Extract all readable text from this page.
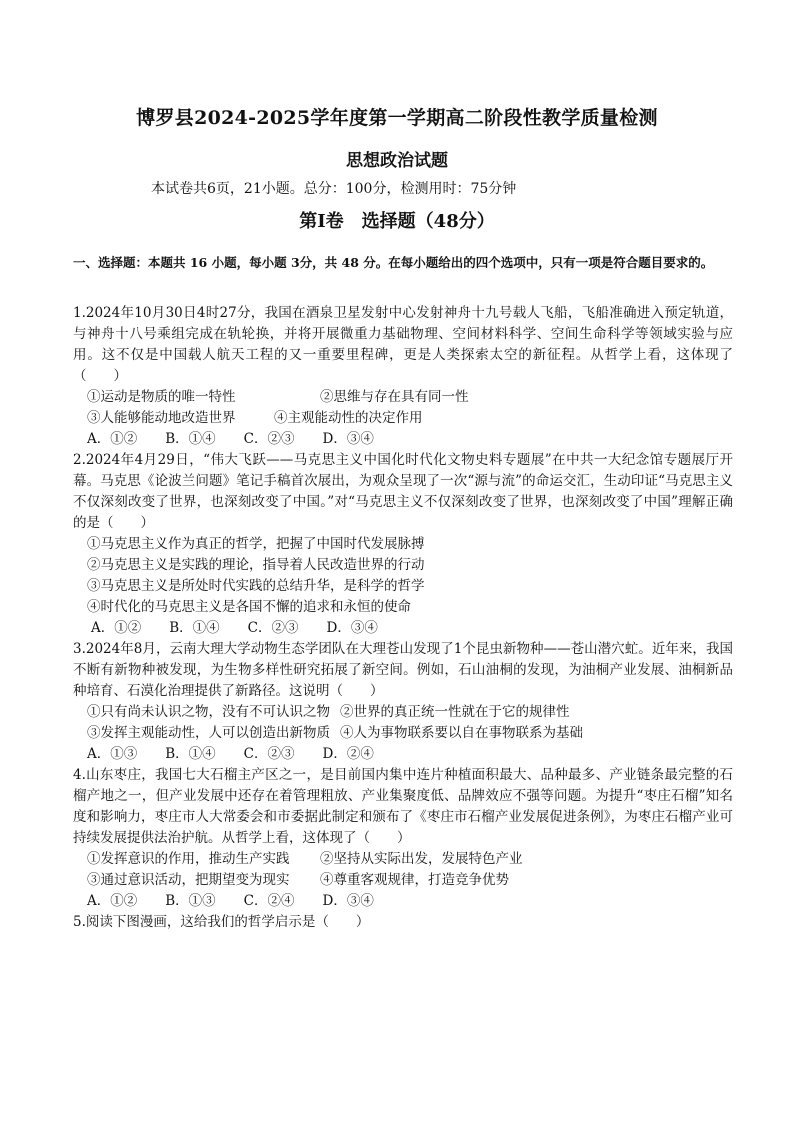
博罗县2024-2025学年度第一学期高二阶段性教学质量检测
思想政治试题
本试卷共6页，21小题。总分：100分，检测用时：75分钟
第Ⅰ卷　选择题（48分）
一、选择题：本题共 16 小题，每小题 3分，共 48 分。在每小题给出的四个选项中，只有一项是符合题目要求的。
1.2024年10月30日4时27分，我国在酒泉卫星发射中心发射神舟十九号载人飞船，飞船准确进入预定轨道，与神舟十八号乘组完成在轨轮换，并将开展微重力基础物理、空间材料科学、空间生命科学等领域实验与应用。这不仅是中国载人航天工程的又一重要里程碑，更是人类探索太空的新征程。从哲学上看，这体现了（　　）
①运动是物质的唯一特性	②思维与存在具有同一性
③人能够能动地改造世界	④主观能动性的决定作用
A．①② B．①④ C．②③ D．③④
2.2024年4月29日，“伟大飞跃——马克思主义中国化时代化文物史料专题展”在中共一大纪念馆专题展厅开幕。马克思《论波兰问题》笔记手稿首次展出，为观众呈现了一次“源与流”的命运交汇，生动印证“马克思主义不仅深刻改变了世界，也深刻改变了中国。”对“马克思主义不仅深刻改变了世界，也深刻改变了中国”理解正确的是（　　）
①马克思主义作为真正的哲学，把握了中国时代发展脉搏
②马克思主义是实践的理论，指导着人民改造世界的行动
③马克思主义是所处时代实践的总结升华，是科学的哲学
④时代化的马克思主义是各国不懈的追求和永恒的使命
A．①② B．①④ C．②③ D．③④
3.2024年8月，云南大理大学动物生态学团队在大理苍山发现了1个昆虫新物种——苍山潜穴虻。近年来，我国不断有新物种被发现，为生物多样性研究拓展了新空间。例如，石山油桐的发现，为油桐产业发展、油桐新品种培育、石漠化治理提供了新路径。这说明（　　）
①只有尚未认识之物，没有不可认识之物 ②世界的真正统一性就在于它的规律性
③发挥主观能动性，人可以创造出新物质 ④人为事物联系要以自在事物联系为基础
A．①③ B．①④ C．②③ D．②④
4.山东枣庄，我国七大石榴主产区之一，是目前国内集中连片种植面积最大、品种最多、产业链条最完整的石榴产地之一，但产业发展中还存在着管理粗放、产业集聚度低、品牌效应不强等问题。为提升“枣庄石榴”知名度和影响力，枣庄市人大常委会和市委据此制定和颁布了《枣庄市石榴产业发展促进条例》，为枣庄石榴产业可持续发展提供法治护航。从哲学上看，这体现了（　　）
①发挥意识的作用，推动生产实践 ②坚持从实际出发，发展特色产业
③通过意识活动，把期望变为现实 ④尊重客观规律，打造竞争优势
A．①② B．①③ C．②④ D．③④
5.阅读下图漫画，这给我们的哲学启示是（　　）
